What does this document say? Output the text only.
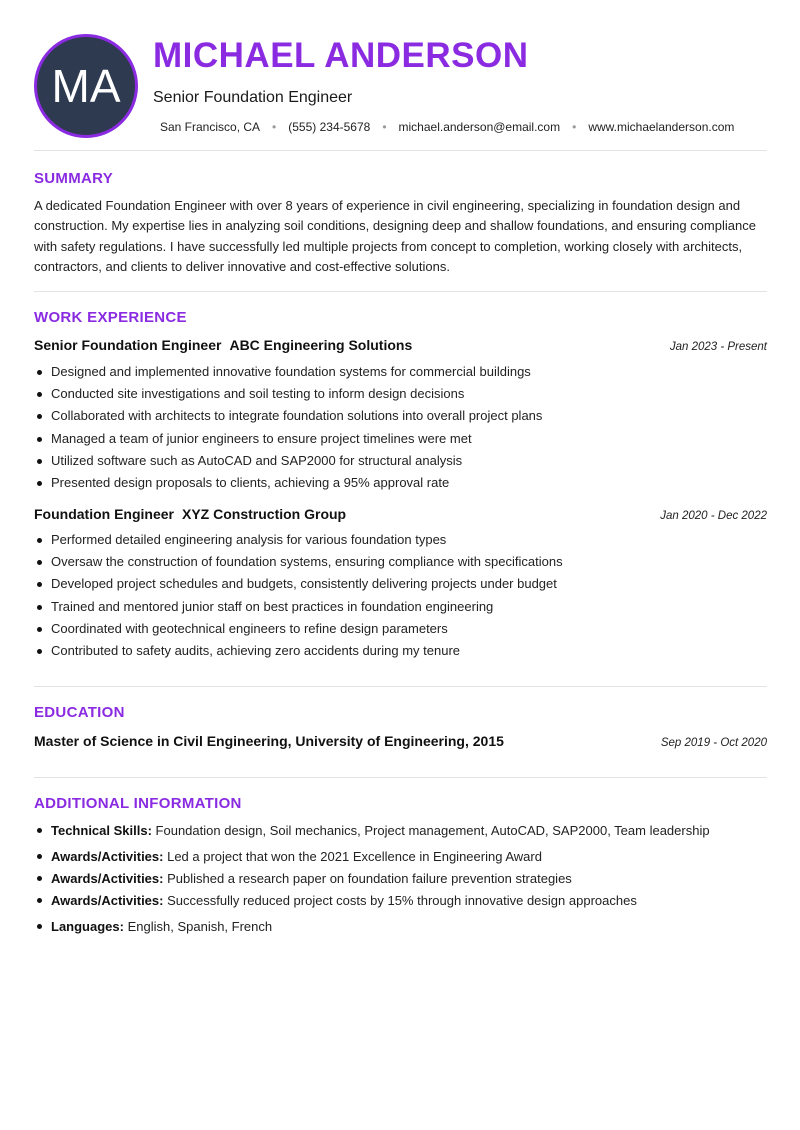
MA
MICHAEL ANDERSON
Senior Foundation Engineer
San Francisco, CA • (555) 234-5678 • michael.anderson@email.com • www.michaelanderson.com
SUMMARY
A dedicated Foundation Engineer with over 8 years of experience in civil engineering, specializing in foundation design and construction. My expertise lies in analyzing soil conditions, designing deep and shallow foundations, and ensuring compliance with safety regulations. I have successfully led multiple projects from concept to completion, working closely with architects, contractors, and clients to deliver innovative and cost-effective solutions.
WORK EXPERIENCE
Senior Foundation Engineer ABC Engineering Solutions	Jan 2023 - Present
Designed and implemented innovative foundation systems for commercial buildings
Conducted site investigations and soil testing to inform design decisions
Collaborated with architects to integrate foundation solutions into overall project plans
Managed a team of junior engineers to ensure project timelines were met
Utilized software such as AutoCAD and SAP2000 for structural analysis
Presented design proposals to clients, achieving a 95% approval rate
Foundation Engineer XYZ Construction Group	Jan 2020 - Dec 2022
Performed detailed engineering analysis for various foundation types
Oversaw the construction of foundation systems, ensuring compliance with specifications
Developed project schedules and budgets, consistently delivering projects under budget
Trained and mentored junior staff on best practices in foundation engineering
Coordinated with geotechnical engineers to refine design parameters
Contributed to safety audits, achieving zero accidents during my tenure
EDUCATION
Master of Science in Civil Engineering, University of Engineering, 2015	Sep 2019 - Oct 2020
ADDITIONAL INFORMATION
Technical Skills: Foundation design, Soil mechanics, Project management, AutoCAD, SAP2000, Team leadership
Awards/Activities: Led a project that won the 2021 Excellence in Engineering Award
Awards/Activities: Published a research paper on foundation failure prevention strategies
Awards/Activities: Successfully reduced project costs by 15% through innovative design approaches
Languages: English, Spanish, French
